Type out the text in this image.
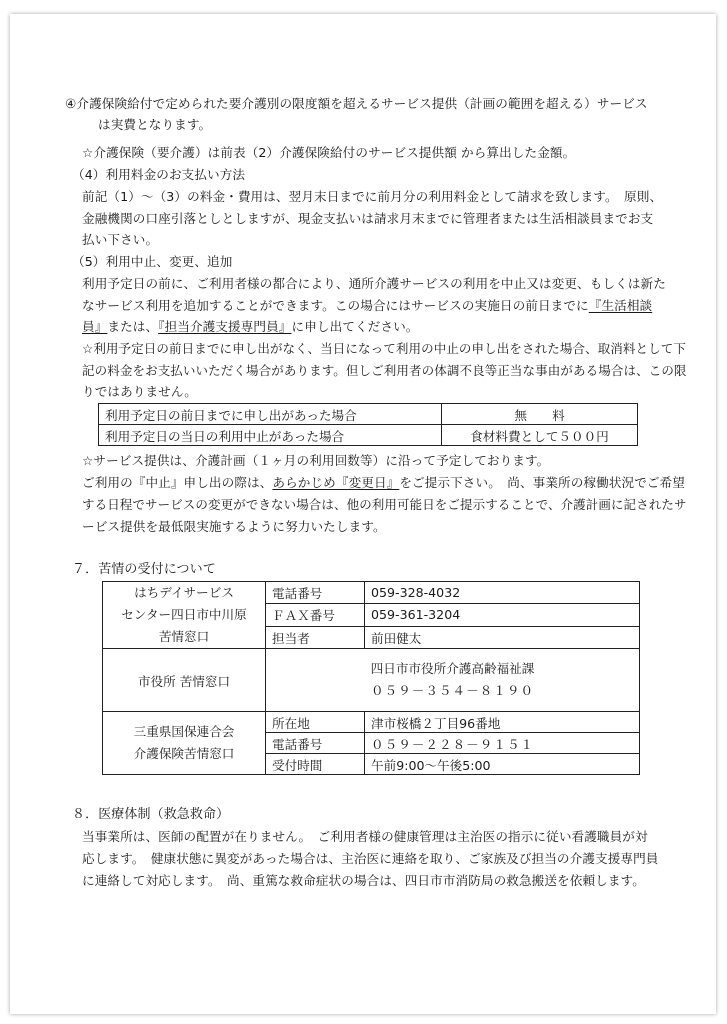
④介護保険給付で定められた要介護別の限度額を超えるサービス提供（計画の範囲を超える）サービス
は実費となります。
☆介護保険（要介護）は前表（2）介護保険給付のサービス提供額 から算出した金額。
（4）利用料金のお支払い方法
前記（1）～（3）の料金・費用は、翌月末日までに前月分の利用料金として請求を致します。　原則、
金融機関の口座引落としとしますが、現金支払いは請求月末までに管理者または生活相談員までお支
払い下さい。
（5）利用中止、変更、追加
利用予定日の前に、ご利用者様の都合により、通所介護サービスの利用を中止又は変更、もしくは新た
なサービス利用を追加することができます。この場合にはサービスの実施日の前日までに『生活相談
員』または、『担当介護支援専門員』に申し出てください。
☆利用予定日の前日までに申し出がなく、当日になって利用の中止の申し出をされた場合、取消料として下
記の料金をお支払いいただく場合があります。但しご利用者の体調不良等正当な事由がある場合は、この限
りではありません。
利用予定日の前日までに申し出があった場合	無　　料
利用予定日の当日の利用中止があった場合	食材料費として５００円
☆サービス提供は、介護計画（１ヶ月の利用回数等）に沿って予定しております。
ご利用の『中止』申し出の際は、あらかじめ『変更日』をご提示下さい。　尚、事業所の稼働状況でご希望
する日程でサービスの変更ができない場合は、他の利用可能日をご提示することで、介護計画に記されたサ
ービス提供を最低限実施するように努力いたします。
７．苦情の受付について
はちデイサービス
センター四日市中川原
苦情窓口	電話番号	059-328-4032
	ＦＡＸ番号	059-361-3204
	担当者	前田健太
市役所 苦情窓口	四日市市役所介護高齢福祉課
０５９－３５４－８１９０	

三重県国保連合会
介護保険苦情窓口	所在地	津市桜橋２丁目96番地
	電話番号	０５９－２２８－９１５１
	受付時間	午前9:00～午後5:00
８．医療体制（救急救命）
当事業所は、医師の配置が在りません。　ご利用者様の健康管理は主治医の指示に従い看護職員が対
応します。　健康状態に異変があった場合は、主治医に連絡を取り、ご家族及び担当の介護支援専門員
に連絡して対応します。　尚、重篤な救命症状の場合は、四日市市消防局の救急搬送を依頼します。
